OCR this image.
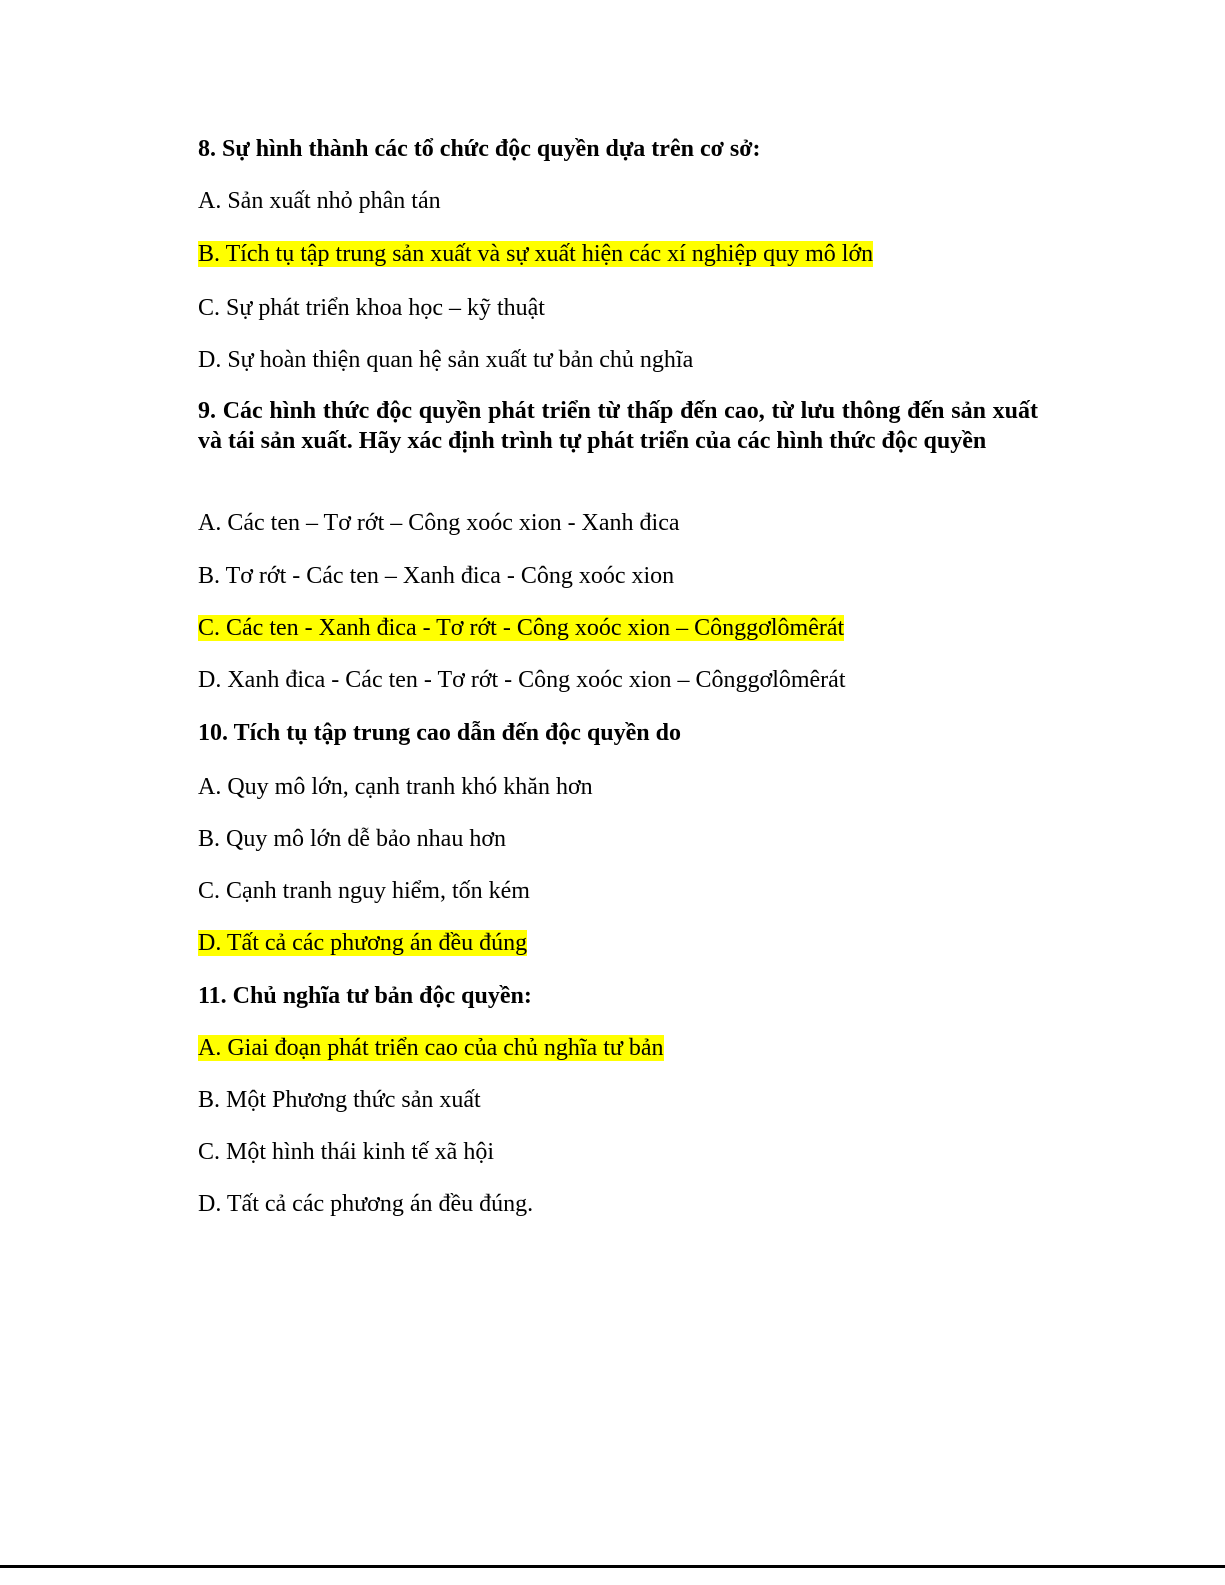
8. Sự hình thành các tổ chức độc quyền dựa trên cơ sở:
A. Sản xuất nhỏ phân tán
B. Tích tụ tập trung sản xuất và sự xuất hiện các xí nghiệp quy mô lớn
C. Sự phát triển khoa học – kỹ thuật
D. Sự hoàn thiện quan hệ sản xuất tư bản chủ nghĩa
9. Các hình thức độc quyền phát triển từ thấp đến cao, từ lưu thông đến sản xuất và tái sản xuất. Hãy xác định trình tự phát triển của các hình thức độc quyền
A. Các ten – Tơ rớt – Công xoóc xion - Xanh đica
B. Tơ rớt - Các ten – Xanh đica - Công xoóc xion
C. Các ten - Xanh đica - Tơ rớt - Công xoóc xion – Cônggơlômêrát
D. Xanh đica - Các ten - Tơ rớt - Công xoóc xion – Cônggơlômêrát
10. Tích tụ tập trung cao dẫn đến độc quyền do
A. Quy mô lớn, cạnh tranh khó khăn hơn
B. Quy mô lớn dễ bảo nhau hơn
C. Cạnh tranh nguy hiểm, tốn kém
D. Tất cả các phương án đều đúng
11. Chủ nghĩa tư bản độc quyền:
A. Giai đoạn phát triển cao của chủ nghĩa tư bản
B. Một Phương thức sản xuất
C. Một hình thái kinh tế xã hội
D. Tất cả các phương án đều đúng.
